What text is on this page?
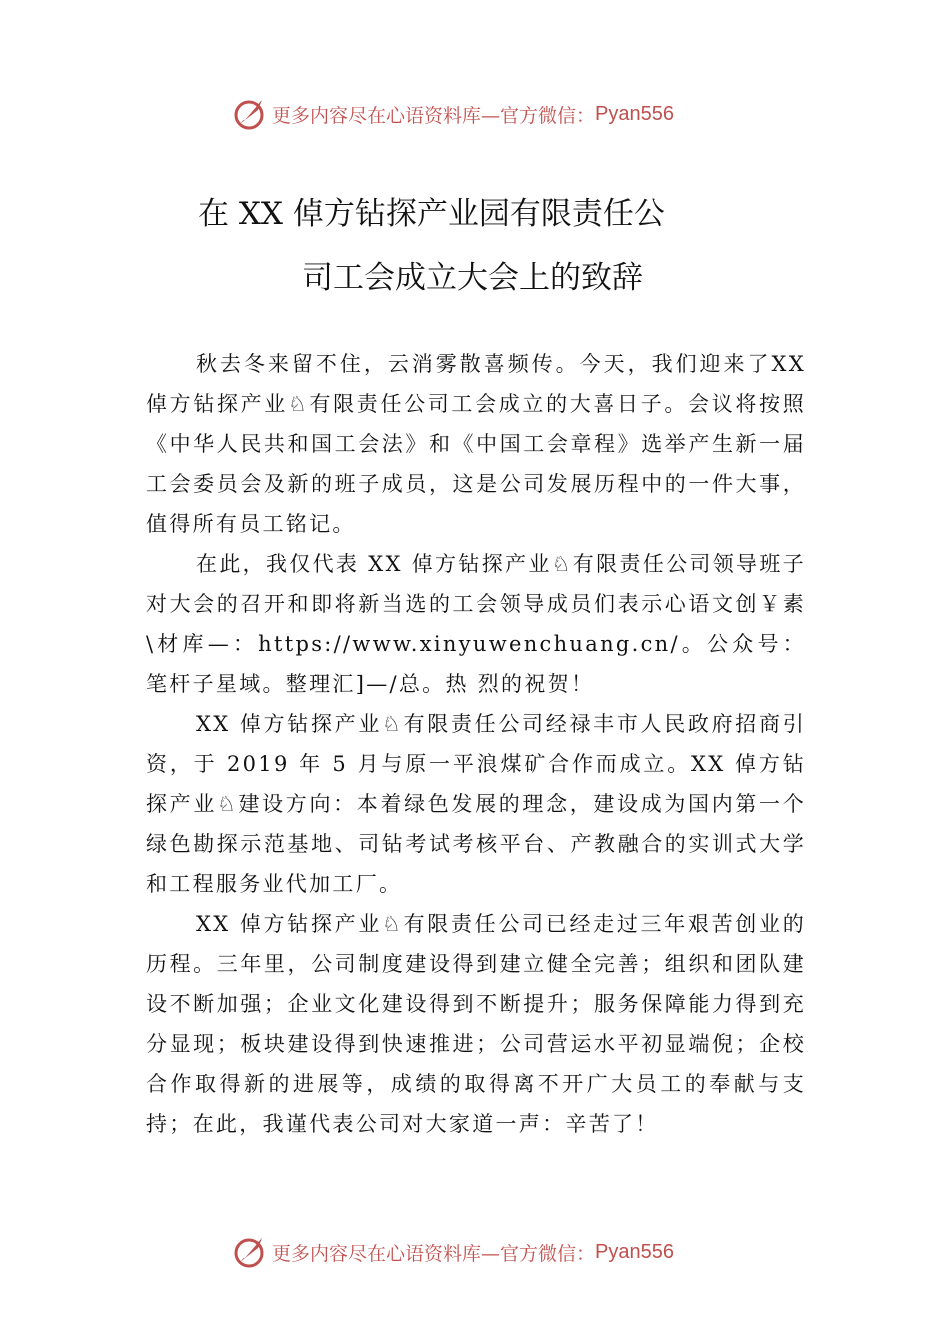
更多内容尽在心语资料库— 官方微信： Pyan556
在 XX 倬方钻探产业园有限责任公
司工会成立大会上的致辞

秋去冬来留不住，云消雾散喜频传。今天，我们迎来了XX 倬方钻探产业♘有限责任公司工会成立的大喜日子。会议将按照《中华人民共和国工会法》和《中国工会章程》选举产生新一届工会委员会及新的班子成员，这是公司发展历程中的一件大事，值得所有员工铭记。

在此，我仅代表 XX 倬方钻探产业♘有限责任公司领导班子对大会的召开和即将新当选的工会领导成员们表示心语文创￥素\材库—：https://www.xinyuwenchuang.cn/。公众号：笔杆子星域。整理汇]—/总。热 烈的祝贺！

XX 倬方钻探产业♘有限责任公司经禄丰市人民政府招商引资，于 2019 年 5 月与原一平浪煤矿合作而成立。XX 倬方钻探产业♘建设方向：本着绿色发展的理念，建设成为国内第一个绿色勘探示范基地、司钻考试考核平台、产教融合的实训式大学和工程服务业代加工厂。

XX 倬方钻探产业♘有限责任公司已经走过三年艰苦创业的历程。三年里，公司制度建设得到建立健全完善；组织和团队建设不断加强；企业文化建设得到不断提升；服务保障能力得到充分显现；板块建设得到快速推进；公司营运水平初显端倪；企校合作取得新的进展等，成绩的取得离不开广大员工的奉献与支持；在此，我谨代表公司对大家道一声：辛苦了！

更多内容尽在心语资料库— 官方微信： Pyan556
